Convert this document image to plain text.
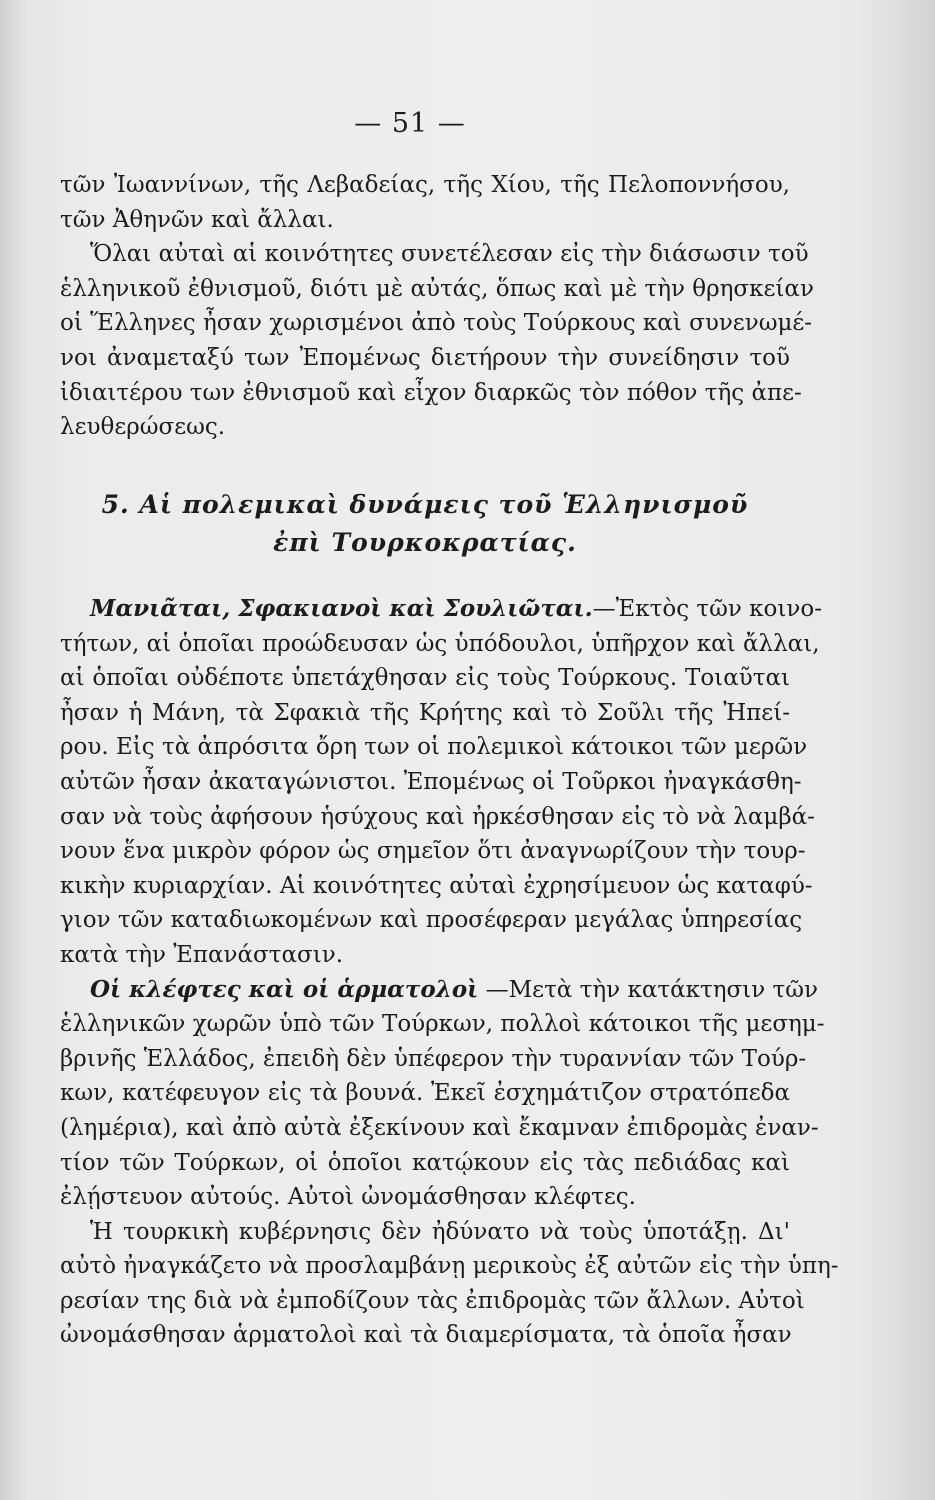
— 51 —
τῶν Ἰωαννίνων, τῆς Λεβαδείας, τῆς Χίου, τῆς Πελοποννήσου,
τῶν Ἀθηνῶν καὶ ἄλλαι.
Ὅλαι αὐταὶ αἱ κοινότητες συνετέλεσαν εἰς τὴν διάσωσιν τοῦ
ἑλληνικοῦ ἐθνισμοῦ, διότι μὲ αὐτάς, ὅπως καὶ μὲ τὴν θρησκείαν
οἱ Ἕλληνες ἦσαν χωρισμένοι ἀπὸ τοὺς Τούρκους καὶ συνενωμέ-
νοι ἀναμεταξύ των Ἐπομένως διετήρουν τὴν συνείδησιν τοῦ
ἰδιαιτέρου των ἐθνισμοῦ καὶ εἶχον διαρκῶς τὸν πόθον τῆς ἀπε-
λευθερώσεως.
5. Αἱ πολεμικαὶ δυνάμεις τοῦ Ἑλληνισμοῦ
ἐπὶ Τουρκοκρατίας.
Μανιᾶται, Σφακιανοὶ καὶ Σουλιῶται.—Ἐκτὸς τῶν κοινο-
τήτων, αἱ ὁποῖαι προώδευσαν ὡς ὑπόδουλοι, ὑπῆρχον καὶ ἄλλαι,
αἱ ὁποῖαι οὐδέποτε ὑπετάχθησαν εἰς τοὺς Τούρκους. Τοιαῦται
ἦσαν ἡ Μάνη, τὰ Σφακιὰ τῆς Κρήτης καὶ τὸ Σοῦλι τῆς Ἠπεί-
ρου. Εἰς τὰ ἀπρόσιτα ὄρη των οἱ πολεμικοὶ κάτοικοι τῶν μερῶν
αὐτῶν ἦσαν ἀκαταγώνιστοι. Ἐπομένως οἱ Τοῦρκοι ἠναγκάσθη-
σαν νὰ τοὺς ἀφήσουν ἡσύχους καὶ ἠρκέσθησαν εἰς τὸ νὰ λαμβά-
νουν ἕνα μικρὸν φόρον ὡς σημεῖον ὅτι ἀναγνωρίζουν τὴν τουρ-
κικὴν κυριαρχίαν. Αἱ κοινότητες αὐταὶ ἐχρησίμευον ὡς καταφύ-
γιον τῶν καταδιωκομένων καὶ προσέφεραν μεγάλας ὑπηρεσίας
κατὰ τὴν Ἐπανάστασιν.
Οἱ κλέφτες καὶ οἱ ἁρματολοὶ —Μετὰ τὴν κατάκτησιν τῶν
ἑλληνικῶν χωρῶν ὑπὸ τῶν Τούρκων, πολλοὶ κάτοικοι τῆς μεσημ-
βρινῆς Ἑλλάδος, ἐπειδὴ δὲν ὑπέφερον τὴν τυραννίαν τῶν Τούρ-
κων, κατέφευγον εἰς τὰ βουνά. Ἐκεῖ ἐσχημάτιζον στρατόπεδα
(λημέρια), καὶ ἀπὸ αὐτὰ ἐξεκίνουν καὶ ἔκαμναν ἐπιδρομὰς ἐναν-
τίον τῶν Τούρκων, οἱ ὁποῖοι κατῴκουν εἰς τὰς πεδιάδας καὶ
ἐλῄστευον αὐτούς. Αὐτοὶ ὠνομάσθησαν κλέφτες.
Ἡ τουρκικὴ κυβέρνησις δὲν ἠδύνατο νὰ τοὺς ὑποτάξῃ. Δι'
αὐτὸ ἠναγκάζετο νὰ προσλαμβάνῃ μερικοὺς ἐξ αὐτῶν εἰς τὴν ὑπη-
ρεσίαν της διὰ νὰ ἐμποδίζουν τὰς ἐπιδρομὰς τῶν ἄλλων. Αὐτοὶ
ὠνομάσθησαν ἁρματολοὶ καὶ τὰ διαμερίσματα, τὰ ὁποῖα ἦσαν
